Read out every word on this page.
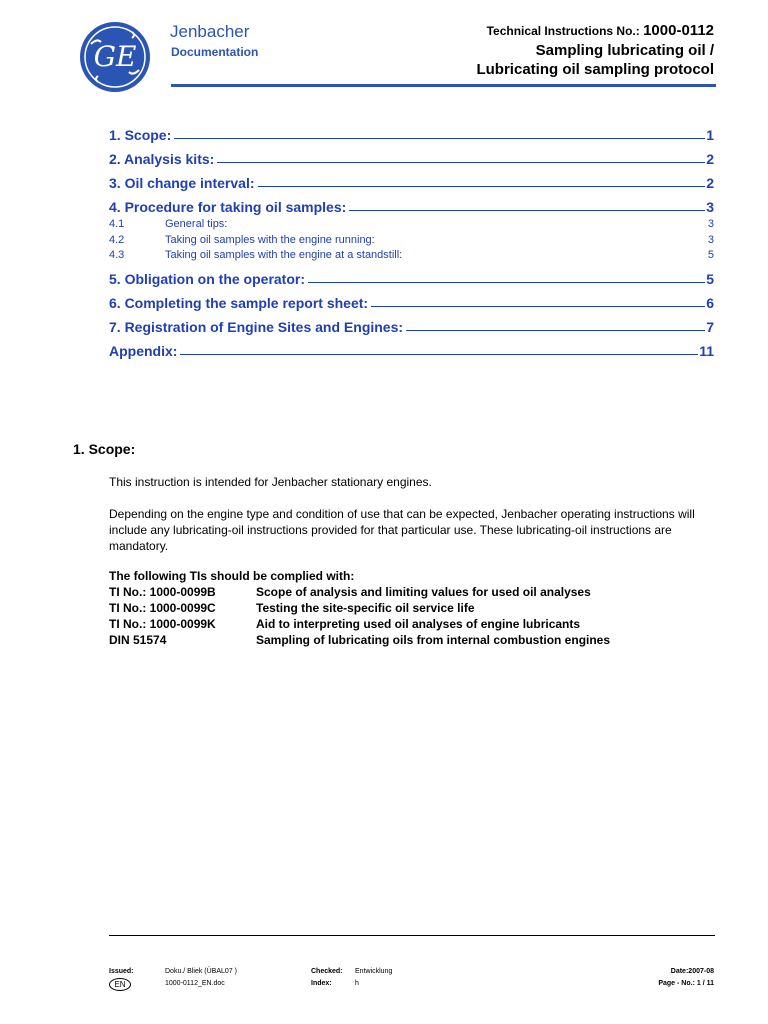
GE
Jenbacher
Documentation
Technical Instructions No.: 1000-0112
Sampling lubricating oil /
Lubricating oil sampling protocol
1. Scope:	1
2. Analysis kits:	2
3. Oil change interval:	2
4. Procedure for taking oil samples:	3
4.1	General tips:	3
4.2	Taking oil samples with the engine running:	3
4.3	Taking oil samples with the engine at a standstill:	5
5. Obligation on the operator:	5
6. Completing the sample report sheet:	6
7. Registration of Engine Sites and Engines:	7
Appendix:	11
1. Scope:
This instruction is intended for Jenbacher stationary engines.
Depending on the engine type and condition of use that can be expected, Jenbacher operating instructions will include any lubricating-oil instructions provided for that particular use. These lubricating-oil instructions are mandatory.
The following TIs should be complied with:
TI No.: 1000-0099B	Scope of analysis and limiting values for used oil analyses
TI No.: 1000-0099C	Testing the site-specific oil service life
TI No.: 1000-0099K	Aid to interpreting used oil analyses of engine lubricants
DIN 51574	Sampling of lubricating oils from internal combustion engines
Issued:	Doku./ Bliek (ÜBAL07 )	Checked: Entwicklung	Date:2007-08
EN	1000-0112_EN.doc	Index:	h	Page - No.: 1 / 11
